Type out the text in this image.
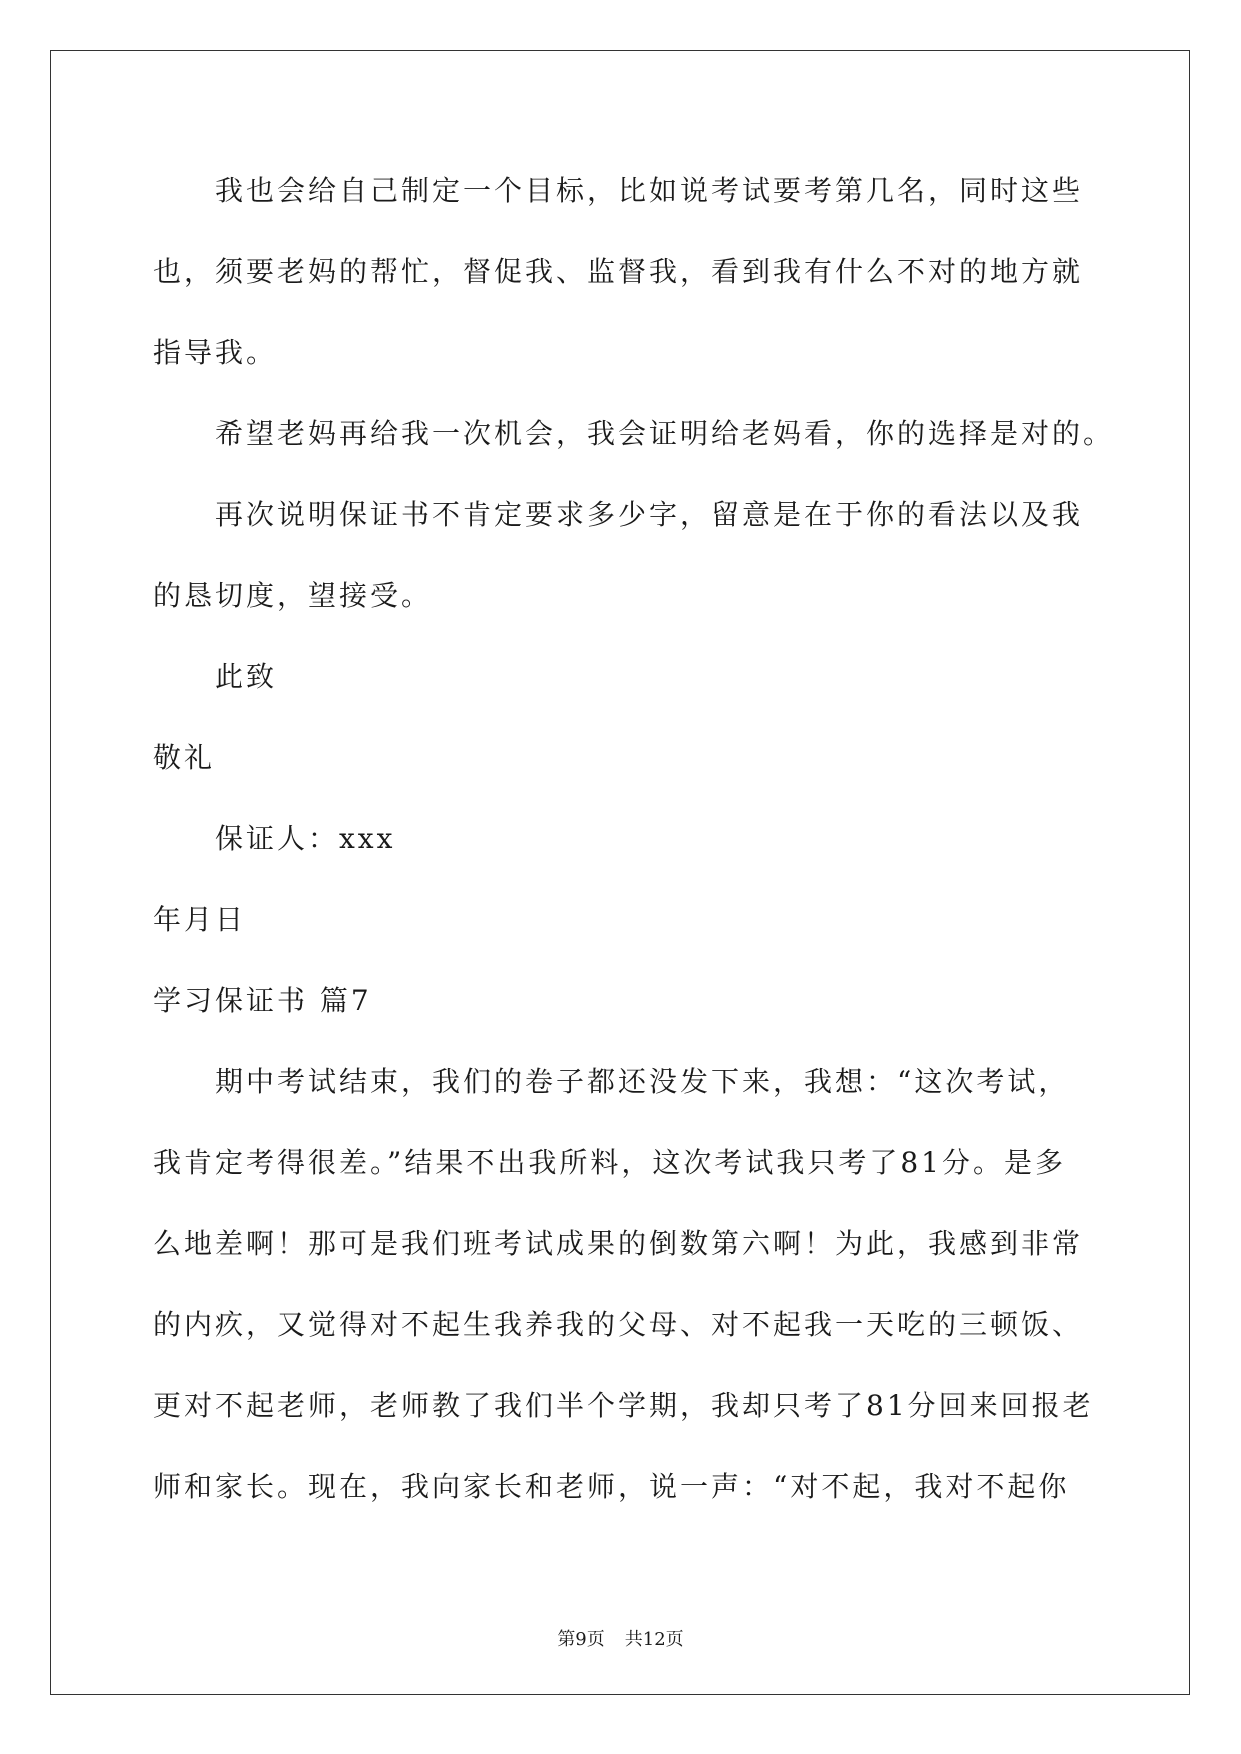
我也会给自己制定一个目标，比如说考试要考第几名，同时这些
也，须要老妈的帮忙，督促我、监督我，看到我有什么不对的地方就
指导我。
希望老妈再给我一次机会，我会证明给老妈看，你的选择是对的。
再次说明保证书不肯定要求多少字，留意是在于你的看法以及我
的恳切度，望接受。
此致
敬礼
保证人：xxx
年月日
学习保证书 篇7
期中考试结束，我们的卷子都还没发下来，我想：“这次考试，
我肯定考得很差。”结果不出我所料，这次考试我只考了81分。是多
么地差啊！那可是我们班考试成果的倒数第六啊！为此，我感到非常
的内疚，又觉得对不起生我养我的父母、对不起我一天吃的三顿饭、
更对不起老师，老师教了我们半个学期，我却只考了81分回来回报老
师和家长。现在，我向家长和老师，说一声：“对不起，我对不起你
第9页 共12页
